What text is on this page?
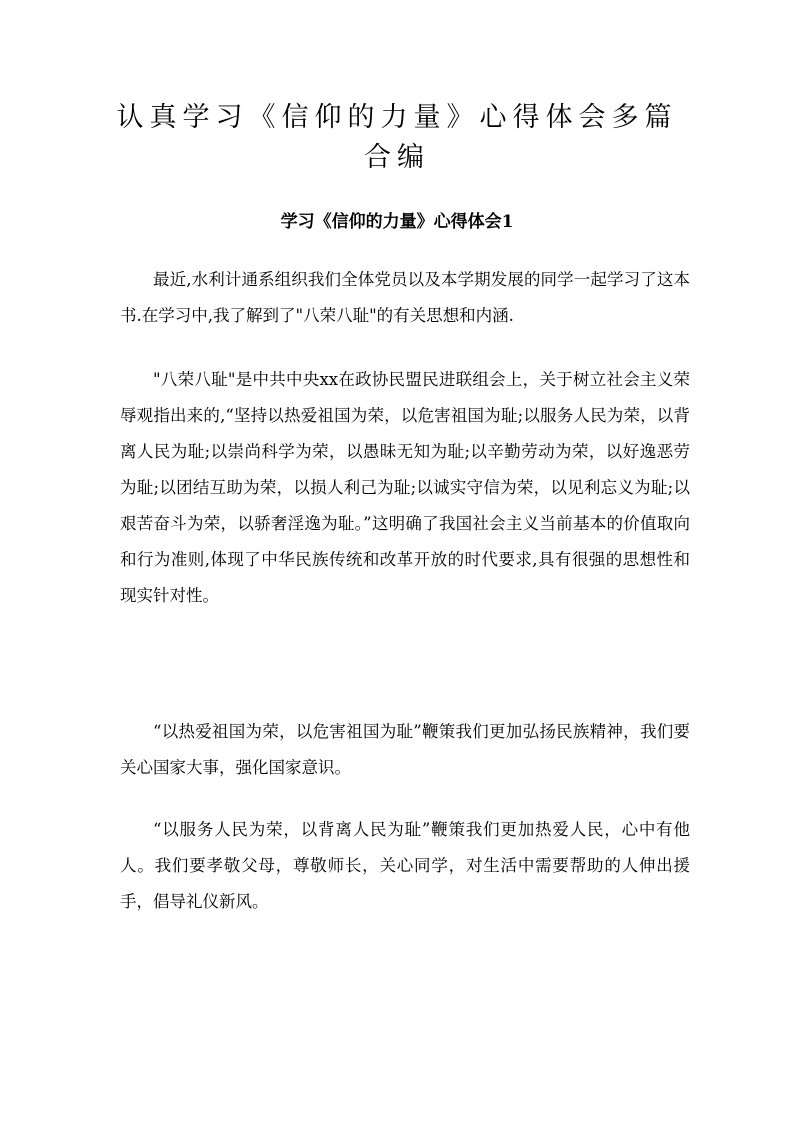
认真学习《信仰的力量》心得体会多篇合编
学习《信仰的力量》心得体会1

最近,水利计通系组织我们全体党员以及本学期发展的同学一起学习了这本书.在学习中,我了解到了"八荣八耻"的有关思想和内涵.

"八荣八耻"是中共中央xx在政协民盟民进联组会上，关于树立社会主义荣辱观指出来的,“坚持以热爱祖国为荣，以危害祖国为耻;以服务人民为荣，以背离人民为耻;以崇尚科学为荣，以愚昧无知为耻;以辛勤劳动为荣，以好逸恶劳为耻;以团结互助为荣，以损人利己为耻;以诚实守信为荣，以见利忘义为耻;以艰苦奋斗为荣，以骄奢淫逸为耻。”这明确了我国社会主义当前基本的价值取向和行为准则,体现了中华民族传统和改革开放的时代要求,具有很强的思想性和现实针对性。

“以热爱祖国为荣，以危害祖国为耻”鞭策我们更加弘扬民族精神，我们要关心国家大事，强化国家意识。

“以服务人民为荣，以背离人民为耻”鞭策我们更加热爱人民，心中有他人。我们要孝敬父母，尊敬师长，关心同学，对生活中需要帮助的人伸出援手，倡导礼仪新风。
